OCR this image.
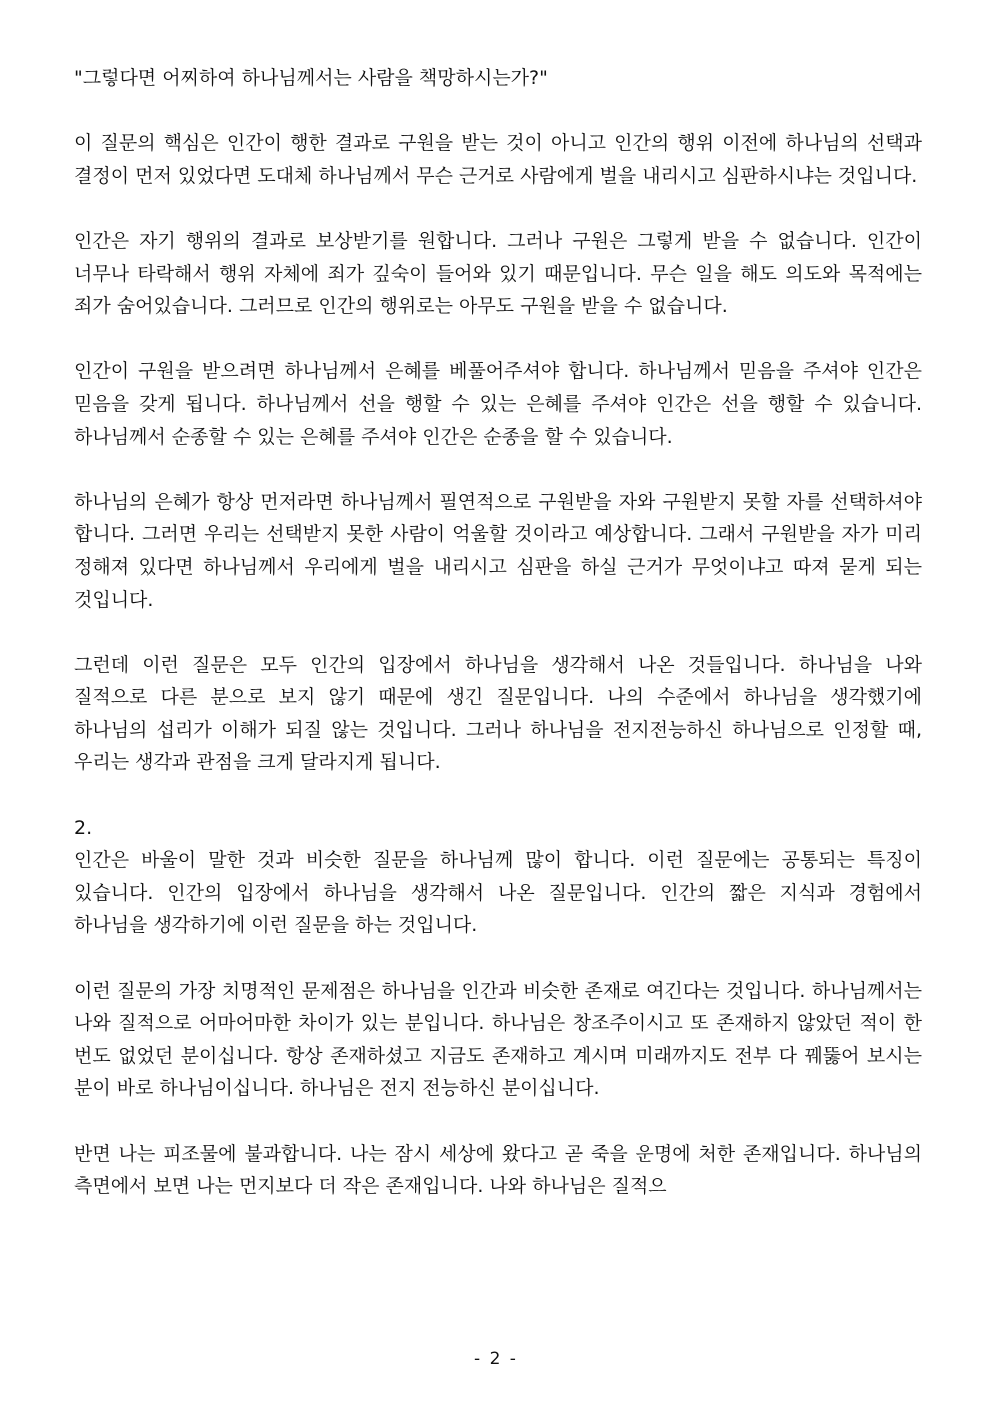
"그렇다면 어찌하여 하나님께서는 사람을 책망하시는가?"

이 질문의 핵심은 인간이 행한 결과로 구원을 받는 것이 아니고 인간의 행위 이전에 하나님의 선택과 결정이 먼저 있었다면 도대체 하나님께서 무슨 근거로 사람에게 벌을 내리시고 심판하시냐는 것입니다.

인간은 자기 행위의 결과로 보상받기를 원합니다. 그러나 구원은 그렇게 받을 수 없습니다. 인간이 너무나 타락해서 행위 자체에 죄가 깊숙이 들어와 있기 때문입니다. 무슨 일을 해도 의도와 목적에는 죄가 숨어있습니다. 그러므로 인간의 행위로는 아무도 구원을 받을 수 없습니다.

인간이 구원을 받으려면 하나님께서 은혜를 베풀어주셔야 합니다. 하나님께서 믿음을 주셔야 인간은 믿음을 갖게 됩니다. 하나님께서 선을 행할 수 있는 은혜를 주셔야 인간은 선을 행할 수 있습니다. 하나님께서 순종할 수 있는 은혜를 주셔야 인간은 순종을 할 수 있습니다.

하나님의 은혜가 항상 먼저라면 하나님께서 필연적으로 구원받을 자와 구원받지 못할 자를 선택하셔야 합니다. 그러면 우리는 선택받지 못한 사람이 억울할 것이라고 예상합니다. 그래서 구원받을 자가 미리 정해져 있다면 하나님께서 우리에게 벌을 내리시고 심판을 하실 근거가 무엇이냐고 따져 묻게 되는 것입니다.

그런데 이런 질문은 모두 인간의 입장에서 하나님을 생각해서 나온 것들입니다. 하나님을 나와 질적으로 다른 분으로 보지 않기 때문에 생긴 질문입니다. 나의 수준에서 하나님을 생각했기에 하나님의 섭리가 이해가 되질 않는 것입니다. 그러나 하나님을 전지전능하신 하나님으로 인정할 때, 우리는 생각과 관점을 크게 달라지게 됩니다.

2.

인간은 바울이 말한 것과 비슷한 질문을 하나님께 많이 합니다. 이런 질문에는 공통되는 특징이 있습니다. 인간의 입장에서 하나님을 생각해서 나온 질문입니다. 인간의 짧은 지식과 경험에서 하나님을 생각하기에 이런 질문을 하는 것입니다.

이런 질문의 가장 치명적인 문제점은 하나님을 인간과 비슷한 존재로 여긴다는 것입니다. 하나님께서는 나와 질적으로 어마어마한 차이가 있는 분입니다. 하나님은 창조주이시고 또 존재하지 않았던 적이 한 번도 없었던 분이십니다. 항상 존재하셨고 지금도 존재하고 계시며 미래까지도 전부 다 꿰뚫어 보시는 분이 바로 하나님이십니다. 하나님은 전지 전능하신 분이십니다.

반면 나는 피조물에 불과합니다. 나는 잠시 세상에 왔다고 곧 죽을 운명에 처한 존재입니다. 하나님의 측면에서 보면 나는 먼지보다 더 작은 존재입니다. 나와 하나님은 질적으

- 2 -
